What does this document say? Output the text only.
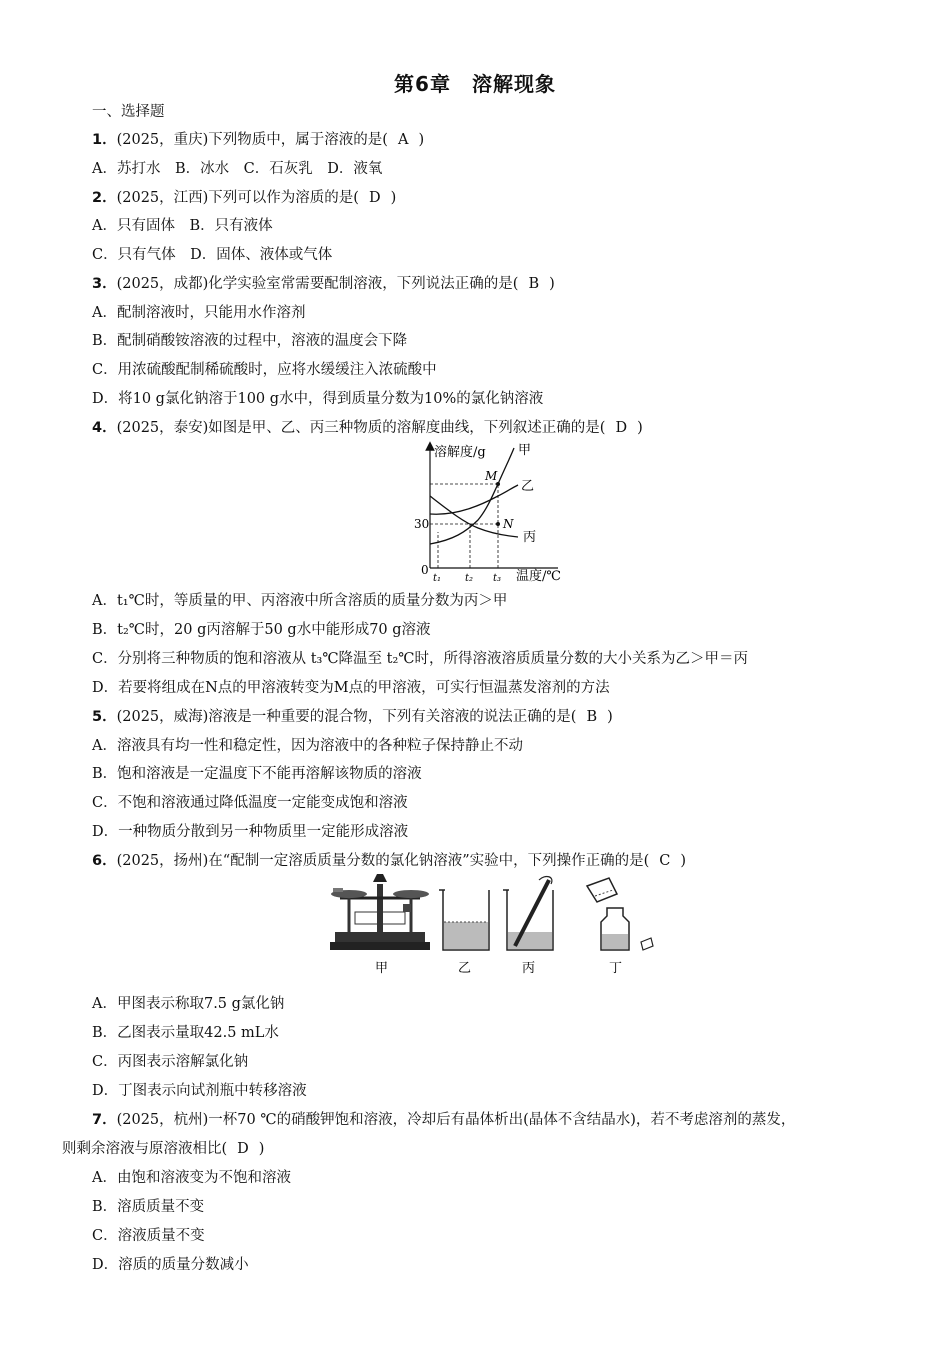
第6章　溶解现象
一、选择题
1．(2025，重庆)下列物质中，属于溶液的是( A )
A．苏打水　B．冰水　C．石灰乳　D．液氧
2．(2025，江西)下列可以作为溶质的是( D )
A．只有固体　B．只有液体
C．只有气体　D．固体、液体或气体
3．(2025，成都)化学实验室常需要配制溶液，下列说法正确的是( B )
A．配制溶液时，只能用水作溶剂
B．配制硝酸铵溶液的过程中，溶液的温度会下降
C．用浓硫酸配制稀硫酸时，应将水缓缓注入浓硫酸中
D．将10 g氯化钠溶于100 g水中，得到质量分数为10%的氯化钠溶液
4．(2025，泰安)如图是甲、乙、丙三种物质的溶解度曲线，下列叙述正确的是( D )
溶解度/g
温度/℃
0
30
M
N
甲
乙
丙
t₁ t₂ t₃
A．t₁℃时，等质量的甲、丙溶液中所含溶质的质量分数为丙＞甲
B．t₂℃时，20 g丙溶解于50 g水中能形成70 g溶液
C．分别将三种物质的饱和溶液从 t₃℃降温至 t₂℃时，所得溶液溶质质量分数的大小关系为乙＞甲＝丙
D．若要将组成在N点的甲溶液转变为M点的甲溶液，可实行恒温蒸发溶剂的方法
5．(2025，威海)溶液是一种重要的混合物，下列有关溶液的说法正确的是( B )
A．溶液具有均一性和稳定性，因为溶液中的各种粒子保持静止不动
B．饱和溶液是一定温度下不能再溶解该物质的溶液
C．不饱和溶液通过降低温度一定能变成饱和溶液
D．一种物质分散到另一种物质里一定能形成溶液
6．(2025，扬州)在“配制一定溶质质量分数的氯化钠溶液”实验中，下列操作正确的是( C )
甲	乙	丙	丁
A．甲图表示称取7.5 g氯化钠
B．乙图表示量取42.5 mL水
C．丙图表示溶解氯化钠
D．丁图表示向试剂瓶中转移溶液
7．(2025，杭州)一杯70 ℃的硝酸钾饱和溶液，冷却后有晶体析出(晶体不含结晶水)，若不考虑溶剂的蒸发，
则剩余溶液与原溶液相比( D )
A．由饱和溶液变为不饱和溶液
B．溶质质量不变
C．溶液质量不变
D．溶质的质量分数减小
